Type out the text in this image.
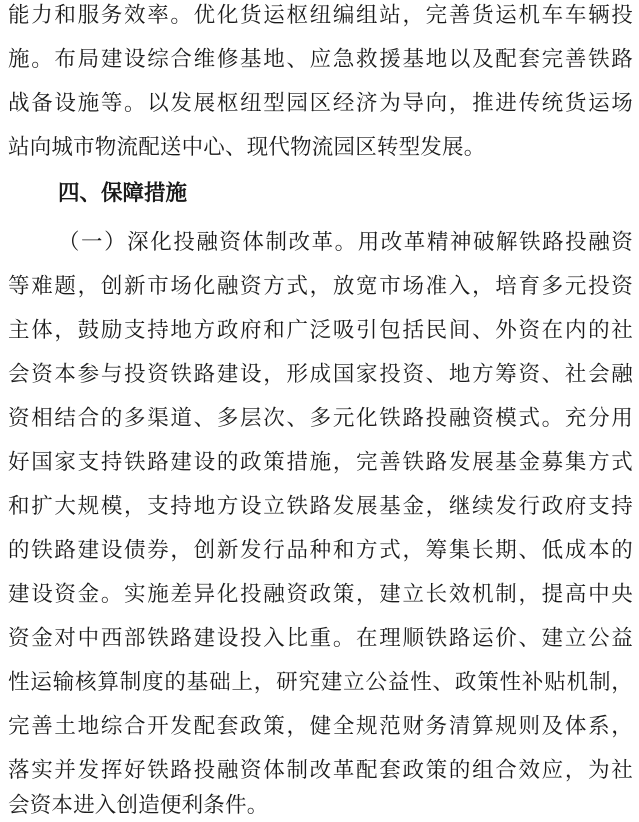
能力和服务效率。优化货运枢纽编组站，完善货运机车车辆投
施。布局建设综合维修基地、应急救援基地以及配套完善铁路
战备设施等。以发展枢纽型园区经济为导向，推进传统货运场
站向城市物流配送中心、现代物流园区转型发展。
四、保障措施
（一）深化投融资体制改革。用改革精神破解铁路投融资
等难题，创新市场化融资方式，放宽市场准入，培育多元投资
主体，鼓励支持地方政府和广泛吸引包括民间、外资在内的社
会资本参与投资铁路建设，形成国家投资、地方筹资、社会融
资相结合的多渠道、多层次、多元化铁路投融资模式。充分用
好国家支持铁路建设的政策措施，完善铁路发展基金募集方式
和扩大规模，支持地方设立铁路发展基金，继续发行政府支持
的铁路建设债券，创新发行品种和方式，筹集长期、低成本的
建设资金。实施差异化投融资政策，建立长效机制，提高中央
资金对中西部铁路建设投入比重。在理顺铁路运价、建立公益
性运输核算制度的基础上，研究建立公益性、政策性补贴机制，
完善土地综合开发配套政策，健全规范财务清算规则及体系，
落实并发挥好铁路投融资体制改革配套政策的组合效应，为社
会资本进入创造便利条件。
